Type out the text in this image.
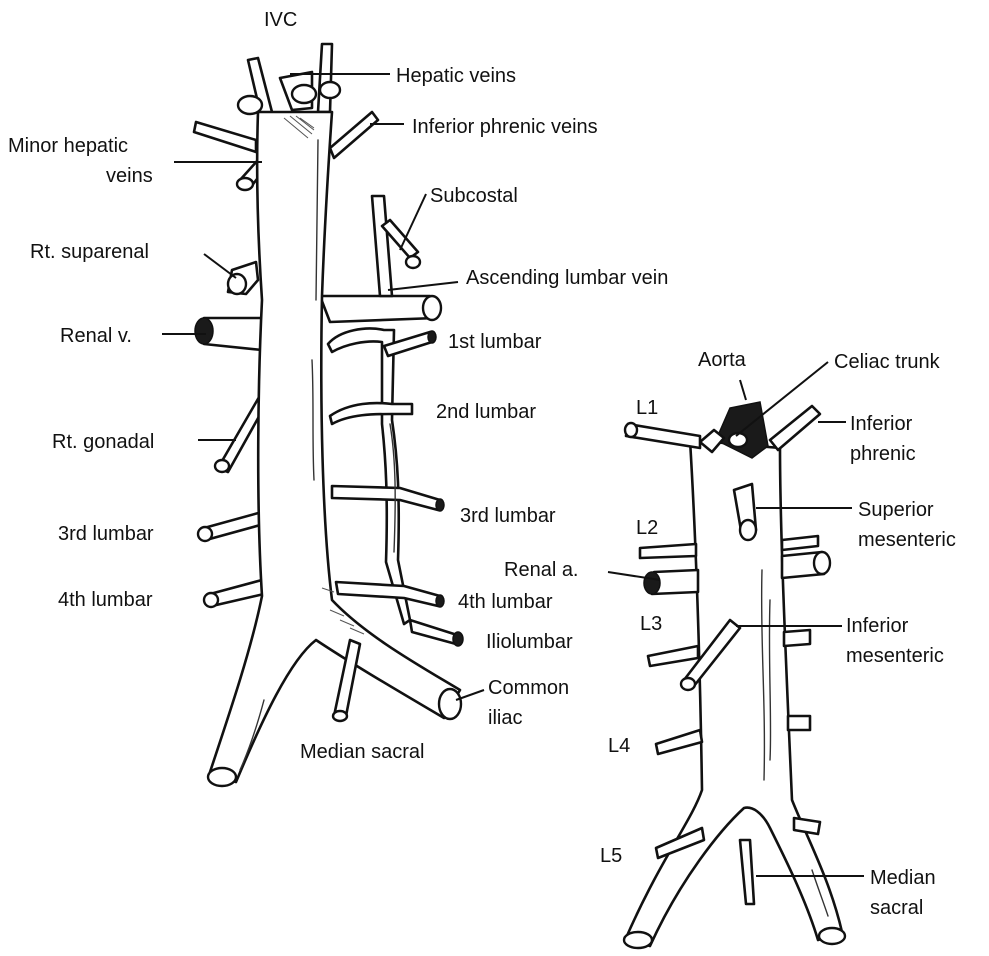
IVC
Hepatic veins
Inferior phrenic veins
Minor hepatic
veins
Subcostal
Rt. suparenal
Ascending lumbar vein
Renal v.	1st lumbar
2nd lumbar
Rt. gonadal
3rd lumbar
3rd lumbar
4th lumbar	4th lumbar
Iliolumbar
Common
iliac
Median sacral
Aorta	Celiac trunk
L1
Inferior
phrenic
Superior
L2
mesenteric
Renal a.
L3	Inferior
mesenteric
L4
L5
Median
sacral
